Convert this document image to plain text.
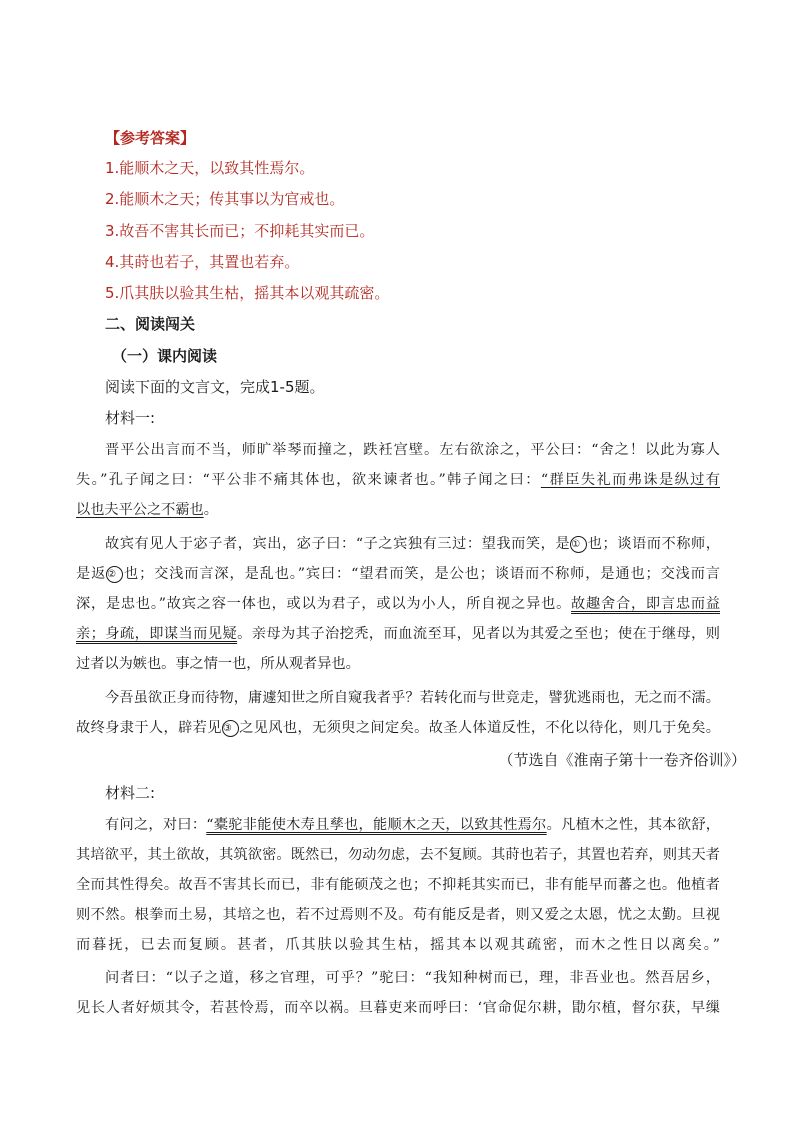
【参考答案】
1.能顺木之天，以致其性焉尔。
2.能顺木之天；传其事以为官戒也。
3.故吾不害其长而已；不抑耗其实而已。
4.其莳也若子，其置也若弃。
5.爪其肤以验其生枯，摇其本以观其疏密。
二、阅读闯关
（一）课内阅读
阅读下面的文言文，完成1-5题。
材料一:
晋平公出言而不当，师旷举琴而撞之，跌衽宫壁。左右欲涂之，平公曰：“舍之！以此为寡人
失。”孔子闻之曰：“平公非不痛其体也，欲来谏者也。”韩子闻之曰：“群臣失礼而弗诛是纵过有
以也夫平公之不霸也。
故宾有见人于宓子者，宾出，宓子曰：“子之宾独有三过：望我而笑，是① 也；谈语而不称师，
是返② 也；交浅而言深，是乱也。”宾曰：“望君而笑，是公也；谈语而不称师，是通也；交浅而言
深，是忠也。”故宾之容一体也，或以为君子，或以为小人，所自视之异也。故趣舍合，即言忠而益
亲；身疏，即谋当而见疑。亲母为其子治挖秃，而血流至耳，见者以为其爱之至也；使在于继母，则
过者以为嫉也。事之情一也，所从观者异也。
今吾虽欲正身而待物，庸遽知世之所自窥我者乎？若转化而与世竞走，譬犹逃雨也，无之而不濡。
故终身隶于人，辟若见③ 之见风也，无须臾之间定矣。故圣人体道反性，不化以待化，则几于免矣。
（节选自《淮南子第十一卷齐俗训》）
材料二:
有问之，对曰：“橐驼非能使木寿且孳也，能顺木之天，以致其性焉尔。凡植木之性，其本欲舒，
其培欲平，其土欲故，其筑欲密。既然已，勿动勿虑，去不复顾。其莳也若子，其置也若弃，则其天者
全而其性得矣。故吾不害其长而已，非有能硕茂之也；不抑耗其实而已，非有能早而蕃之也。他植者
则不然。根拳而土易，其培之也，若不过焉则不及。苟有能反是者，则又爱之太恩，忧之太勤。旦视
而暮抚，已去而复顾。甚者，爪其肤以验其生枯，摇其本以观其疏密，而木之性日以离矣。”
问者曰：“以子之道，移之官理，可乎？”驼曰：“我知种树而已，理，非吾业也。然吾居乡，
见长人者好烦其令，若甚怜焉，而卒以祸。旦暮吏来而呼曰：‘官命促尔耕，勖尔植，督尔获，早缫
